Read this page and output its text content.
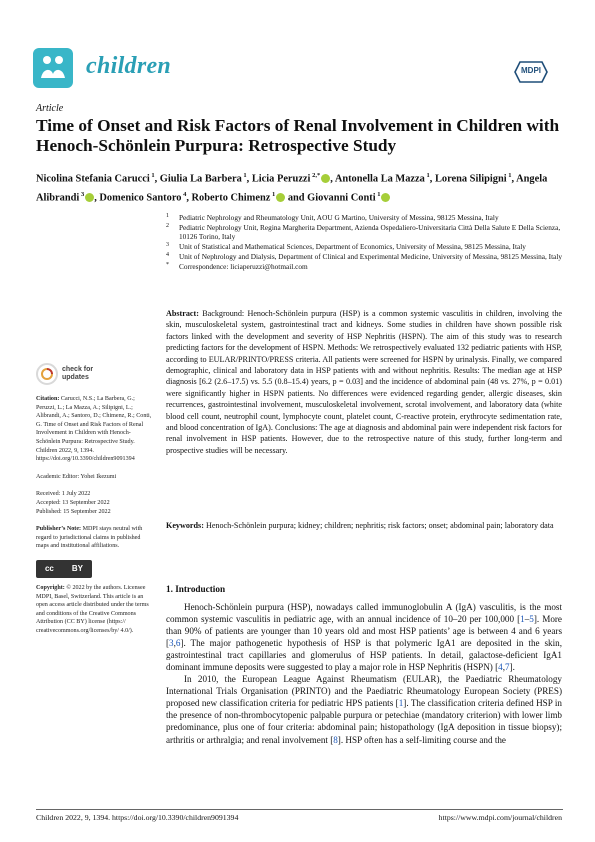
children	MDPI
Article
Time of Onset and Risk Factors of Renal Involvement in Children with Henoch-Schönlein Purpura: Retrospective Study
Nicolina Stefania Carucci $^1$, Giulia La Barbera $^1$, Licia Peruzzi $^{2,*}$ , Antonella La Mazza $^1$, Lorena Silipigni $^1$, Angela Alibrandi $^3$ , Domenico Santoro $^4$, Roberto Chimenz $^1$ and Giovanni Conti $^1$
1	Pediatric Nephrology and Rheumatology Unit, AOU G Martino, University of Messina, 98125 Messina, Italy
2	Pediatric Nephrology Unit, Regina Margherita Department, Azienda Ospedaliero-Universitaria Città Della Salute E Della Scienza, 10126 Torino, Italy
3	Unit of Statistical and Mathematical Sciences, Department of Economics, University of Messina, 98125 Messina, Italy
4	Unit of Nephrology and Dialysis, Department of Clinical and Experimental Medicine, University of Messina, 98125 Messina, Italy
*	Correspondence: liciaperuzzi@hotmail.com
check for
updates
Citation: Carucci, N.S.; La Barbera, G.; Peruzzi, L.; La Mazza, A.; Silipigni, L.; Alibrandi, A.; Santoro, D.; Chimenz, R.; Conti, G. Time of Onset and Risk Factors of Renal Involvement in Children with Henoch-Schönlein Purpura: Retrospective Study. Children 2022, 9, 1394. https://doi.org/10.3390/children9091394
Academic Editor: Yohei Ikezumi
Received: 1 July 2022
Accepted: 13 September 2022
Published: 15 September 2022
Publisher’s Note: MDPI stays neutral with regard to jurisdictional claims in published maps and institutional affiliations.
cc BY
Copyright: © 2022 by the authors. Licensee MDPI, Basel, Switzerland. This article is an open access article distributed under the terms and conditions of the Creative Commons Attribution (CC BY) license (https:// creativecommons.org/licenses/by/ 4.0/).
Abstract: Background: Henoch-Schönlein purpura (HSP) is a common systemic vasculitis in children, involving the skin, musculoskeletal system, gastrointestinal tract and kidneys. Some studies in children have shown possible risk factors linked with the development and severity of HSP Nephritis (HSPN). The aim of this study was to research predicting factors for the development of HSPN. Methods: We retrospectively evaluated 132 pediatric patients with HSP, according to EULAR/PRINTO/PRESS criteria. All patients were screened for HSPN by urinalysis. Finally, we compared demographic, clinical and laboratory data in HSP patients with and without nephritis. Results: The median age at HSP diagnosis [6.2 (2.6–17.5) vs. 5.5 (0.8–15.4) years, p = 0.03] and the incidence of abdominal pain (48 vs. 27%, p = 0.01) were significantly higher in HSPN patients. No differences were evidenced regarding gender, allergic diseases, skin recurrences, gastrointestinal involvement, musculoskeletal involvement, scrotal involvement, and laboratory data (white blood cell count, neutrophil count, lymphocyte count, platelet count, C-reactive protein, erythrocyte sedimentation rate, and blood concentration of IgA). Conclusions: The age at diagnosis and abdominal pain were independent risk factors for renal involvement in HSP patients. However, due to the retrospective nature of this study, further long-term and prospective studies will be necessary.
Keywords: Henoch-Schönlein purpura; kidney; children; nephritis; risk factors; onset; abdominal pain; laboratory data
1. Introduction

Henoch-Schönlein purpura (HSP), nowadays called immunoglobulin A (IgA) vasculitis, is the most common systemic vasculitis in pediatric age, with an annual incidence of 10–20 per 100,000 [1–5]. More than 90% of patients are younger than 10 years old and most HSP patients’ age is between 4 and 6 years [3,6]. The major pathogenetic hypothesis of HSP is that polymeric IgA1 are deposited in the skin, gastrointestinal tract capillaries and glomerulus of HSP patients. In detail, galactose-deficient IgA1 dominant immune deposits were suggested to play a major role in HSP Nephritis (HSPN) [4,7].

In 2010, the European League Against Rheumatism (EULAR), the Paediatric Rheumatology International Trials Organisation (PRINTO) and the Paediatric Rheumatology European Society (PRES) proposed new classification criteria for pediatric HPS patients [1]. The classification criteria defined HSP in the presence of non-thrombocytopenic palpable purpura or petechiae (mandatory criterion) with lower limb predominance, plus one of four criteria: abdominal pain; histopathology (IgA deposition in tissue biopsy); arthritis or arthralgia; and renal involvement [8]. HSP often has a self-limiting course and the

Children 2022, 9, 1394. https://doi.org/10.3390/children9091394	https://www.mdpi.com/journal/children
